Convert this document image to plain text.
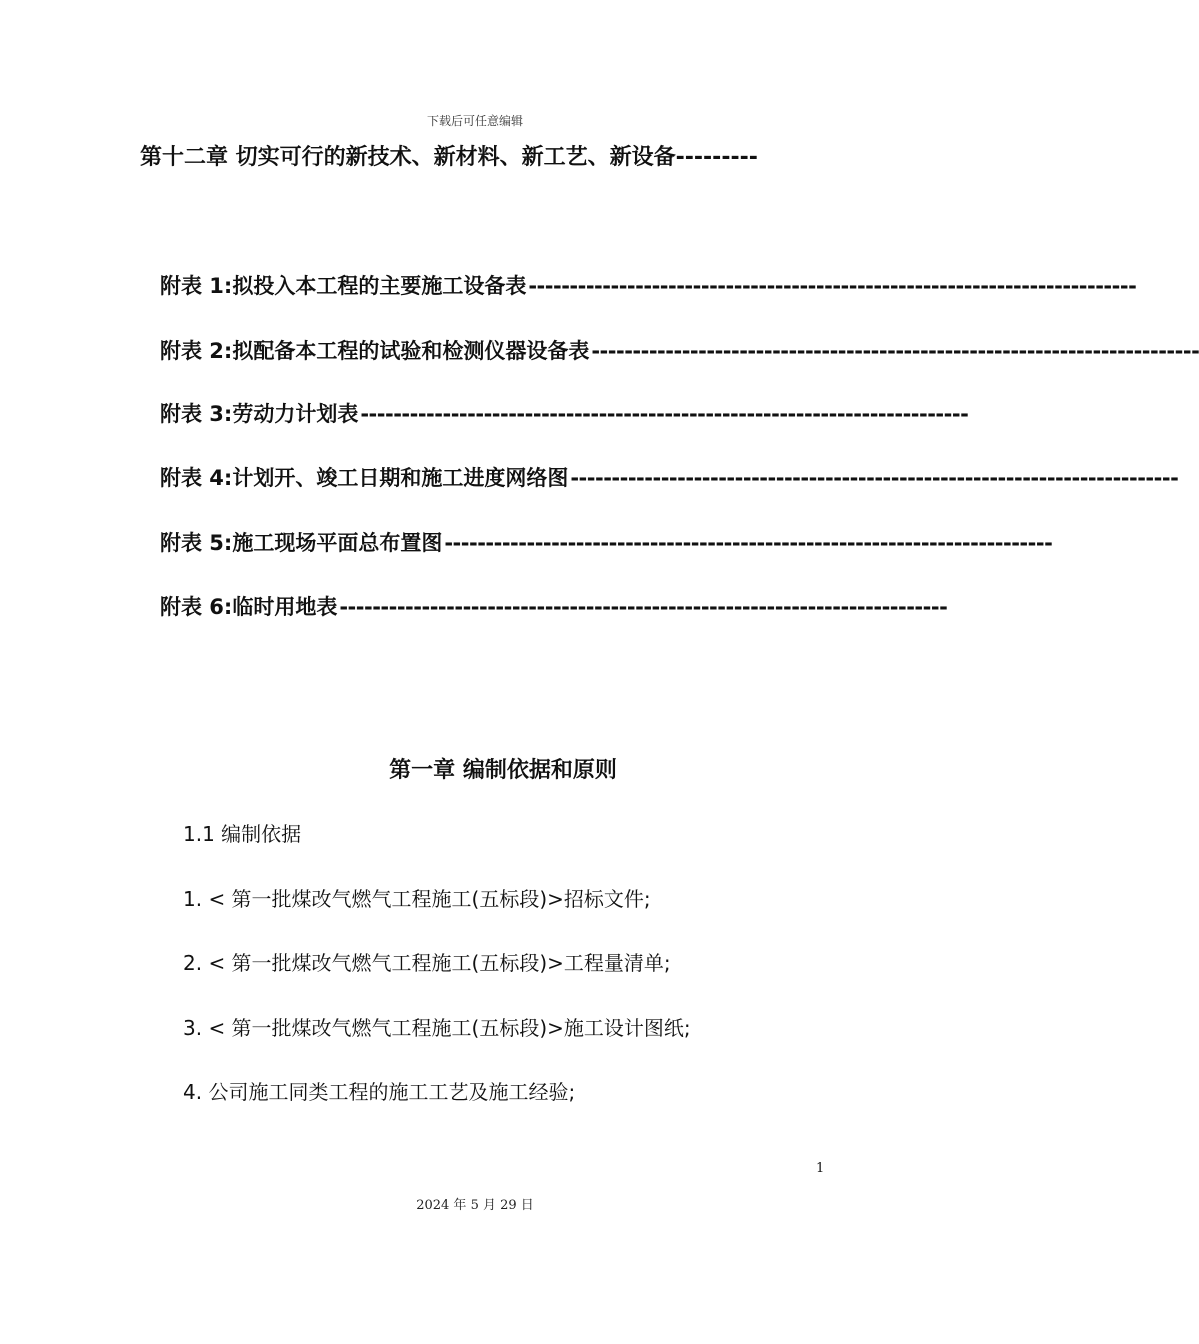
下载后可任意编辑
第十二章 切实可行的新技术、新材料、新工艺、新设备---------
附表 1:拟投入本工程的主要施工设备表 --------------------------------------------------------------------------
附表 2:拟配备本工程的试验和检测仪器设备表 --------------------------------------------------------------------------
附表 3:劳动力计划表 --------------------------------------------------------------------------
附表 4:计划开、竣工日期和施工进度网络图 --------------------------------------------------------------------------
附表 5:施工现场平面总布置图 --------------------------------------------------------------------------
附表 6:临时用地表 --------------------------------------------------------------------------
第一章 编制依据和原则
1.1 编制依据
1. < 第一批煤改气燃气工程施工(五标段)>招标文件;
2. < 第一批煤改气燃气工程施工(五标段)>工程量清单;
3. < 第一批煤改气燃气工程施工(五标段)>施工设计图纸;
4. 公司施工同类工程的施工工艺及施工经验;
1
2024 年 5 月 29 日
